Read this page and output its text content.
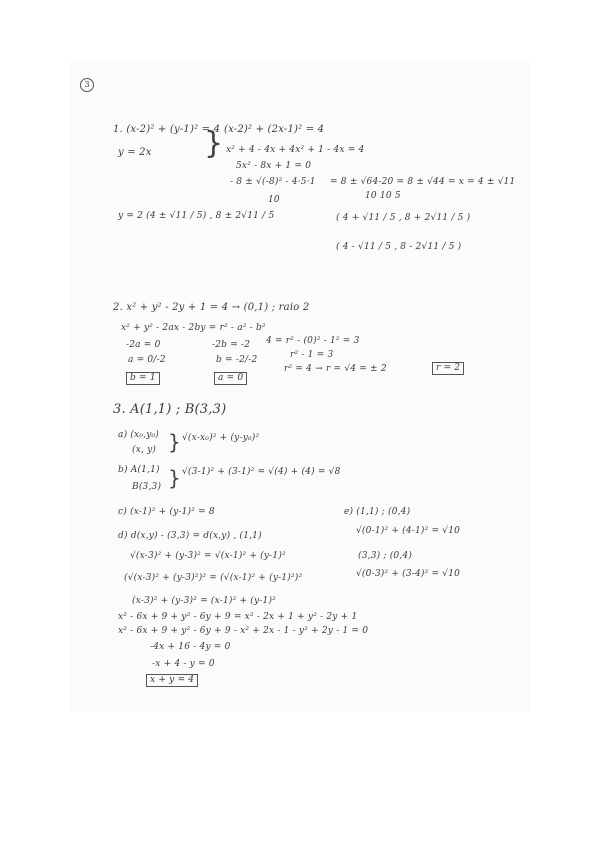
3
1. (x-2)² + (y-1)² = 4
y = 2x } (x-2)² + (2x-1)² = 4
x² + 4 - 4x + 4x² + 1 - 4x = 4
5x² - 8x + 1 = 0
- 8 ± √(-8)² - 4·5·1
10
= 8 ± √64-20 = 8 ± √44 = x = 4 ± √11
10 10 5
y = 2 (4 ± √11 / 5) , 8 ± 2√11 / 5	( 4 + √11 / 5 , 8 + 2√11 / 5 )
( 4 - √11 / 5 , 8 - 2√11 / 5 )
2. x² + y² - 2y + 1 = 4 → (0,1) ; raio 2
x² + y² - 2ax - 2by = r² - a² - b²
4 = r² - (0)² - 1² = 3
-2a = 0	-2b = -2
r² - 1 = 3
a = 0/-2	b = -2/-2
r² = 4 → r = √4 = ± 2	r = 2
b = 1	a = 0
3. A(1,1) ; B(3,3)
a) (x₀,y₀)
(x, y) } √(x-x₀)² + (y-y₀)²
b) A(1,1)
B(3,3) } √(3-1)² + (3-1)² = √(4) + (4) = √8
c) (x-1)² + (y-1)² = 8
d) d(x,y) - (3,3) = d(x,y) , (1,1)
√(x-3)² + (y-3)² = √(x-1)² + (y-1)²
(√(x-3)² + (y-3)²)² = (√(x-1)² + (y-1)²)²
(x-3)² + (y-3)² = (x-1)² + (y-1)²
x² - 6x + 9 + y² - 6y + 9 = x² - 2x + 1 + y² - 2y + 1
x² - 6x + 9 + y² - 6y + 9 - x² + 2x - 1 - y² + 2y - 1 = 0
-4x + 16 - 4y = 0
-x + 4 - y = 0
x + y = 4
e) (1,1) ; (0,4)
√(0-1)² + (4-1)² = √10
(3,3) ; (0,4)
√(0-3)² + (3-4)² = √10
